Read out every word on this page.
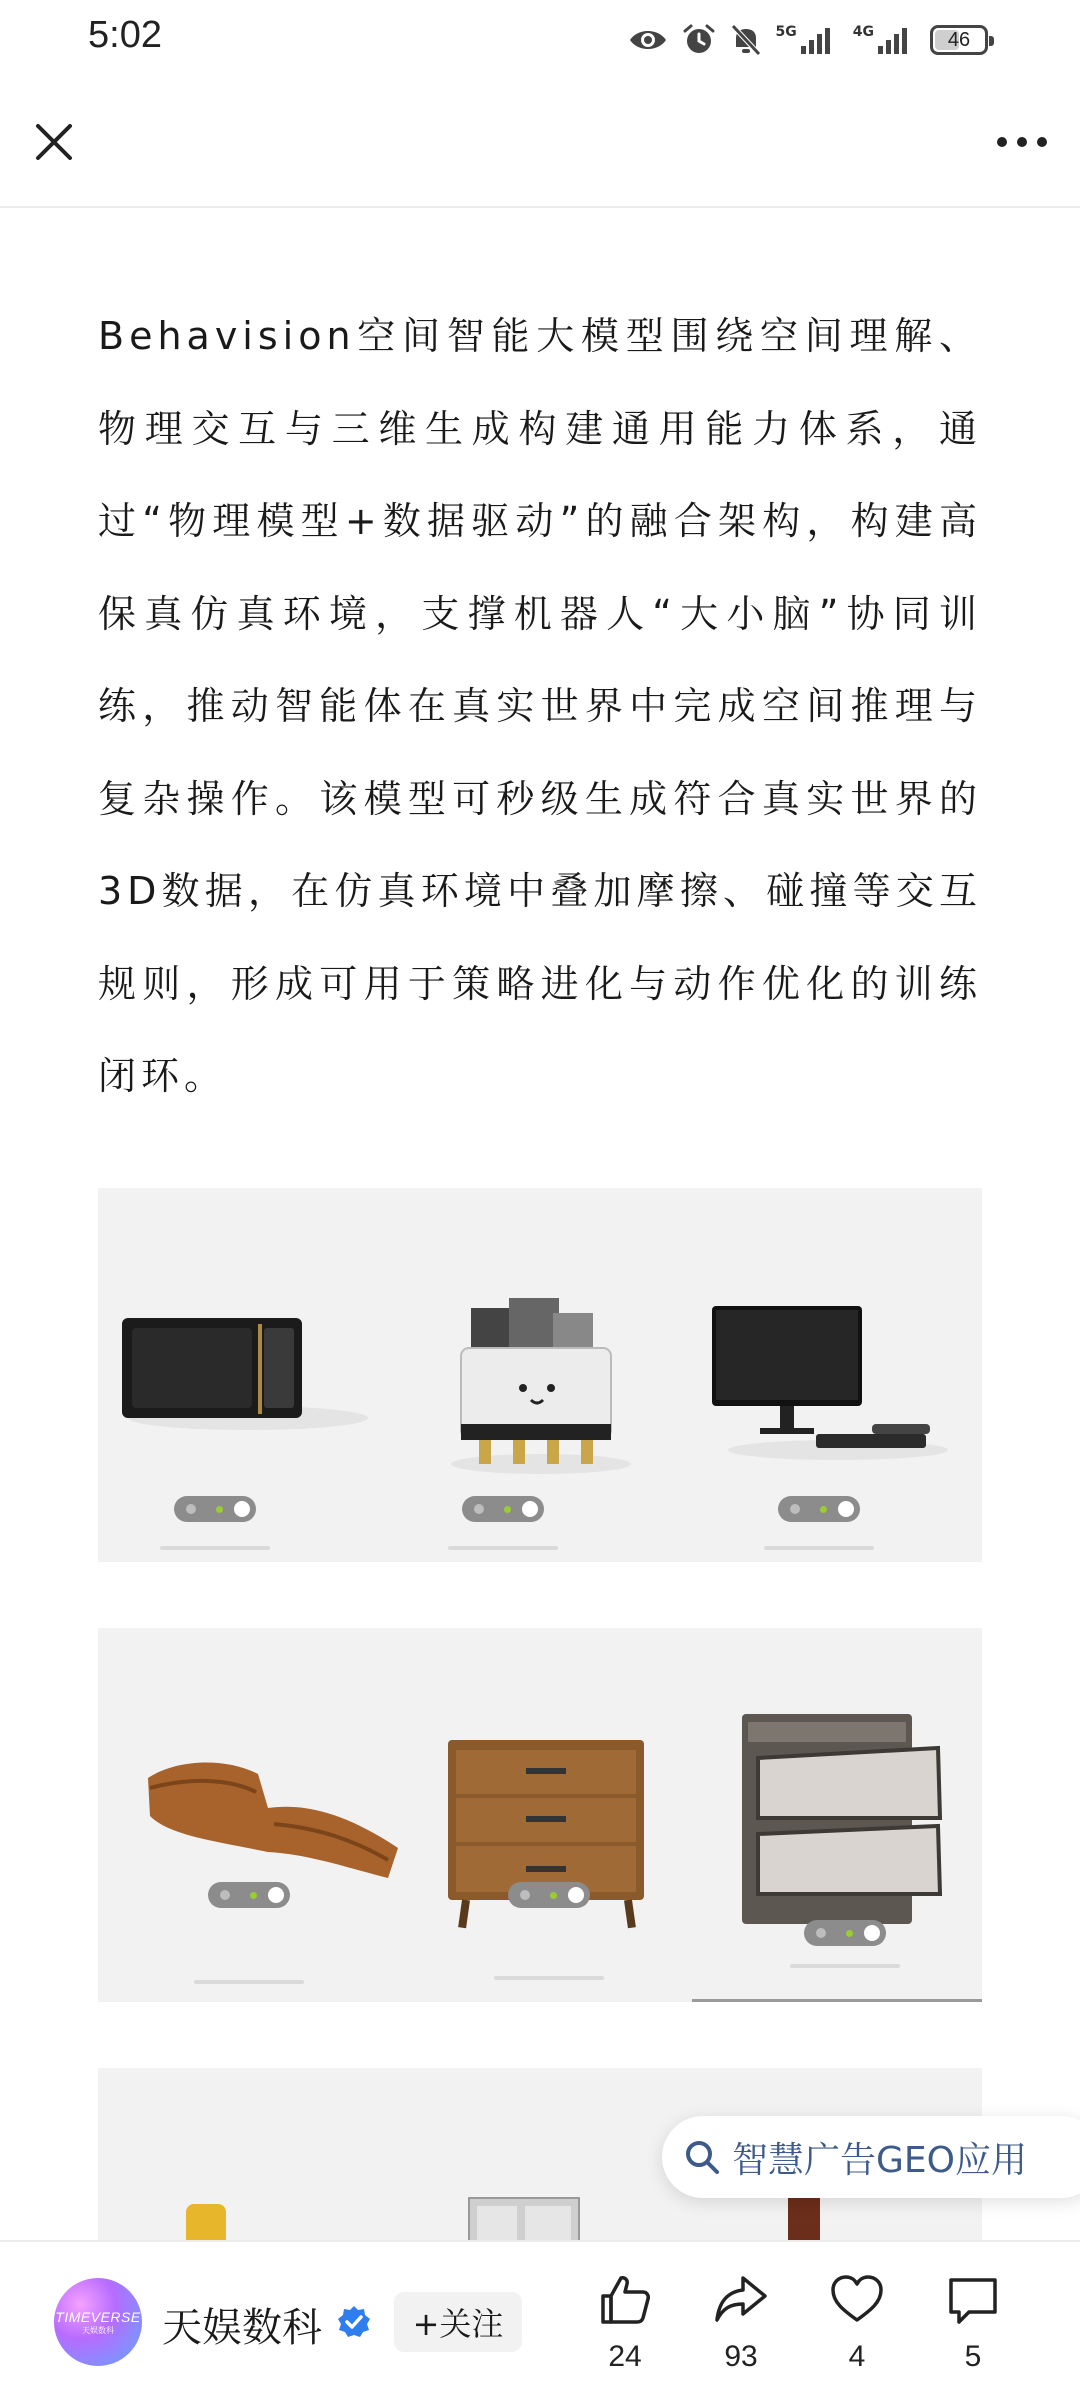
5:02	5G	4G	46

Behavision空间智能大模型围绕空间理解、物理交互与三维生成构建通用能力体系，通过“物理模型+数据驱动”的融合架构，构建高保真仿真环境，支撑机器人“大小脑”协同训练，推动智能体在真实世界中完成空间推理与复杂操作。该模型可秒级生成符合真实世界的3D数据，在仿真环境中叠加摩擦、碰撞等交互规则，形成可用于策略进化与动作优化的训练闭环。

智慧广告GEO应用
TIMEVERSE
天娱数科 天娱数科	+关注
24	93	4	5
